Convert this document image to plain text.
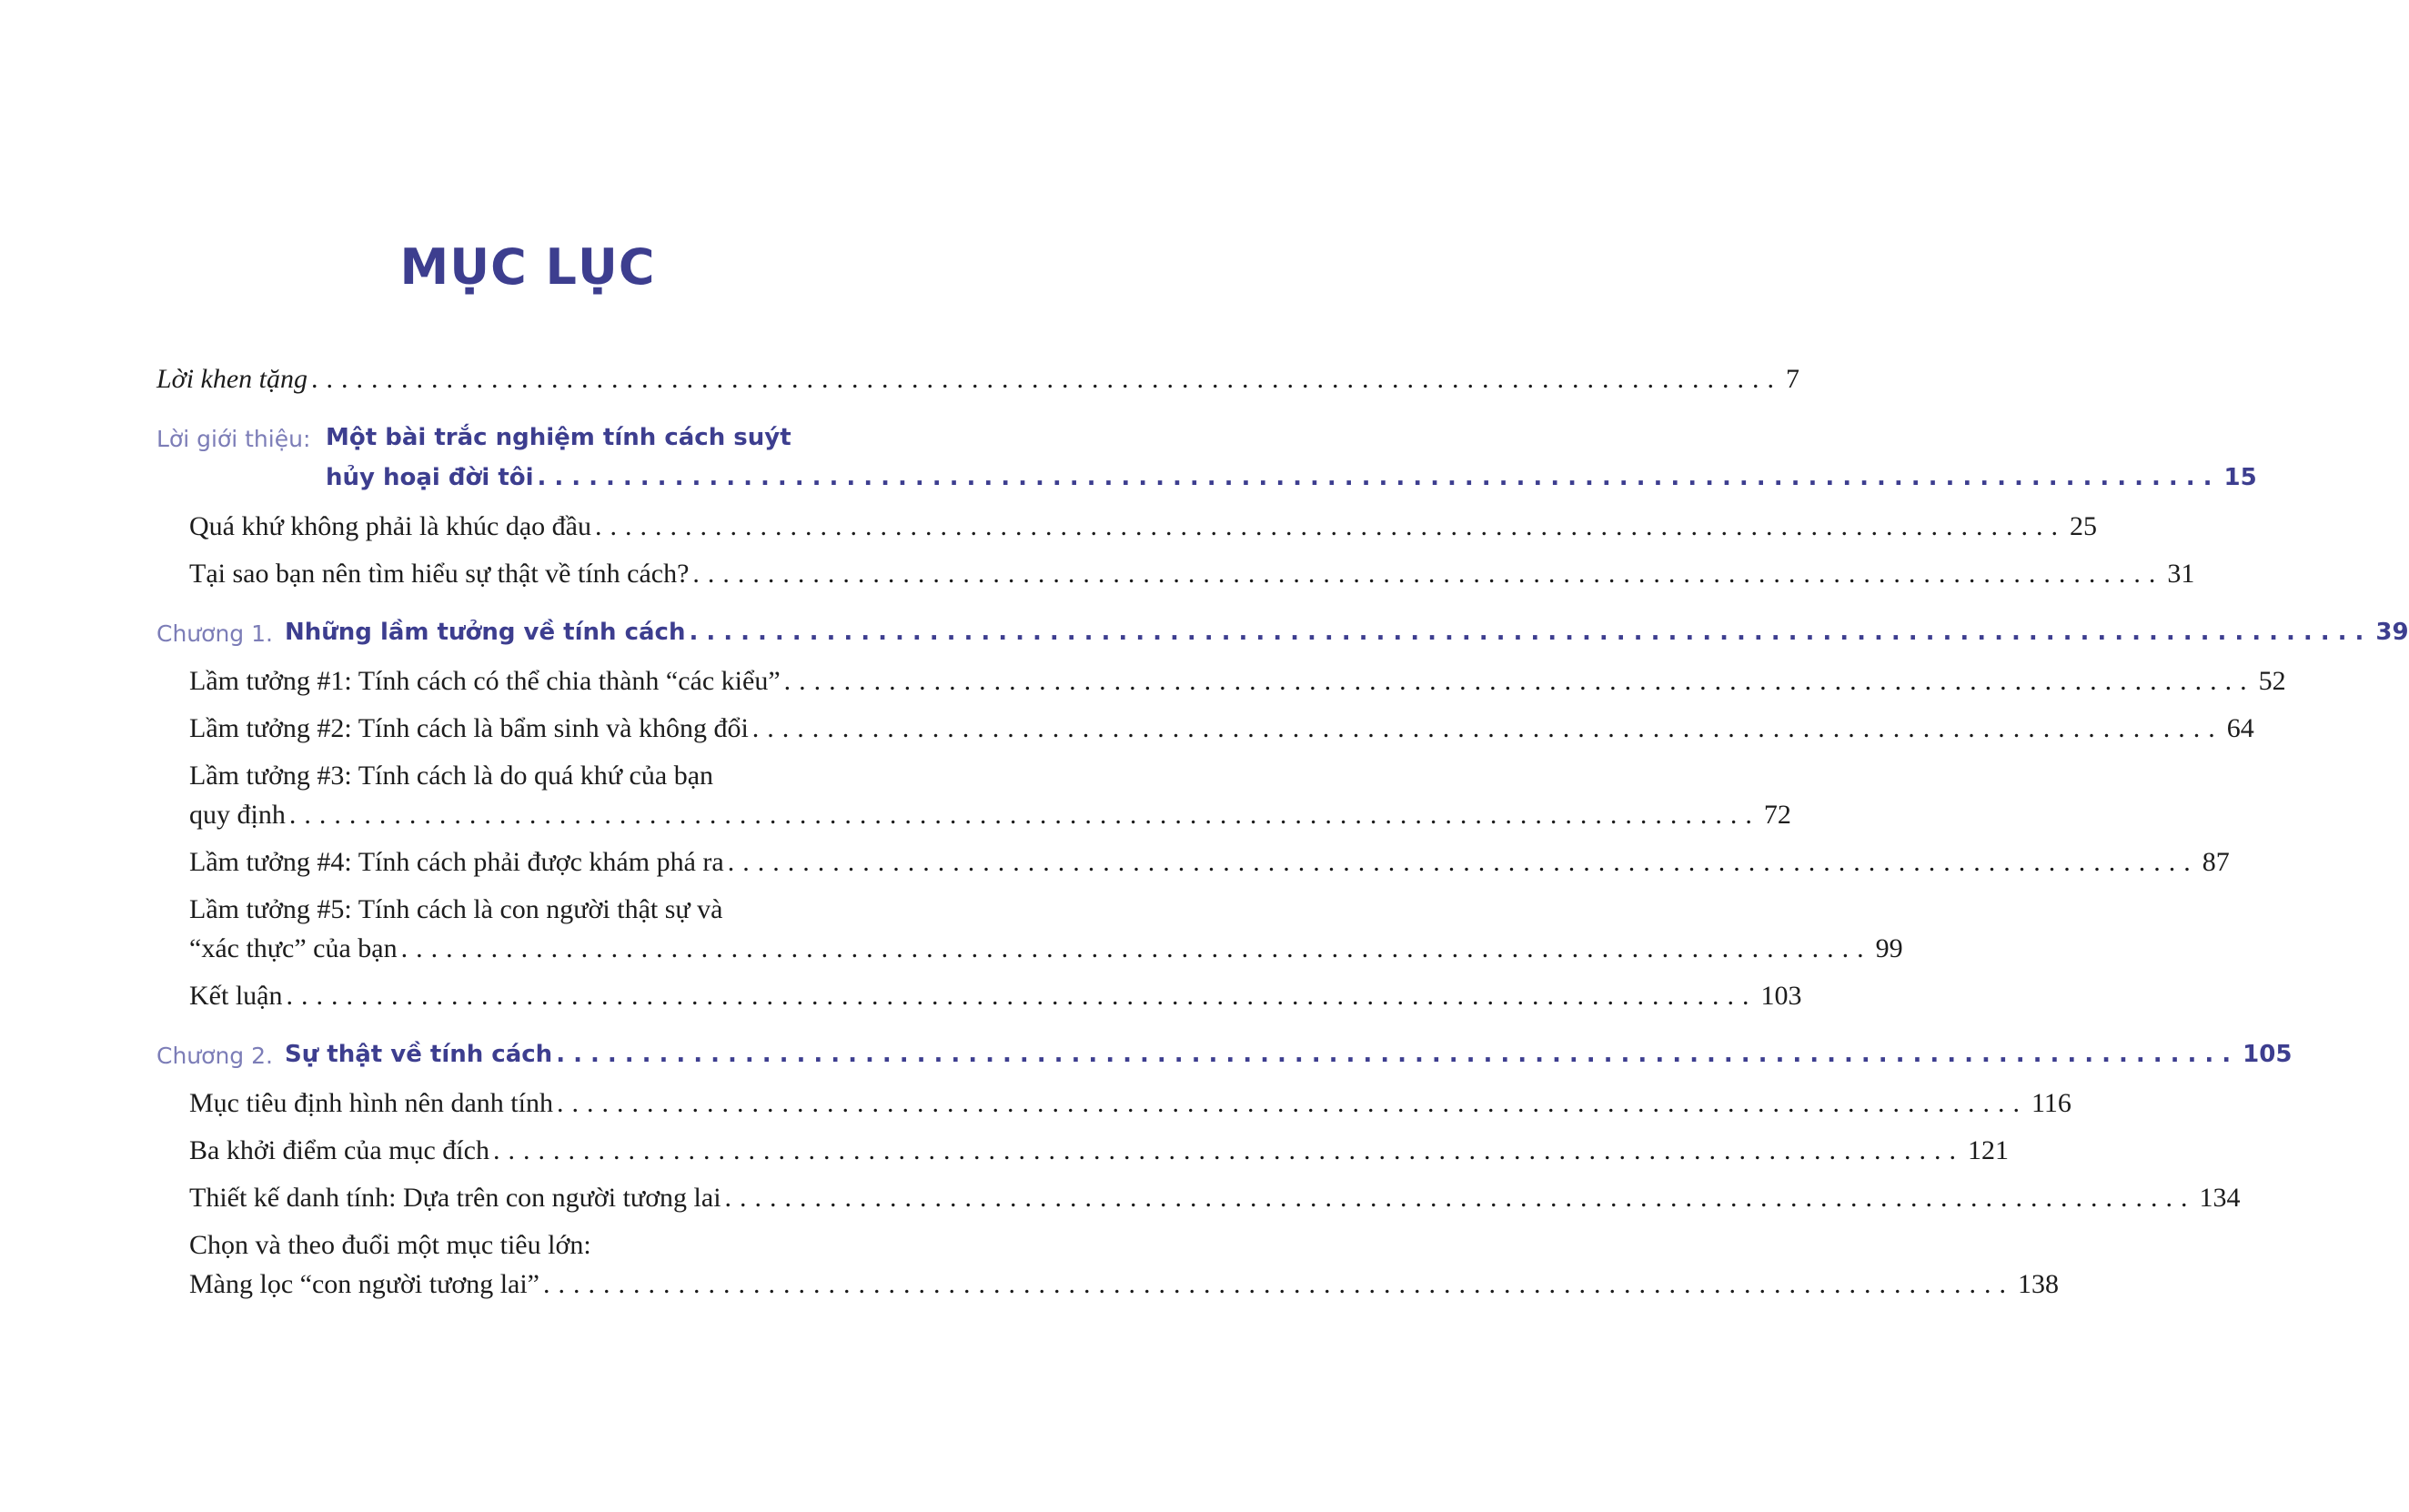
MỤC LỤC
Lời khen tặng .................................................................................................. 7
Lời giới thiệu: Một bài trắc nghiệm tính cách suýt
hủy hoại đời tôi .................................................................................................. 15
Quá khứ không phải là khúc dạo đầu .................................................................................................. 25
Tại sao bạn nên tìm hiểu sự thật về tính cách? .................................................................................................. 31
Chương 1. Những lầm tưởng về tính cách .................................................................................................. 39
Lầm tưởng #1: Tính cách có thể chia thành “các kiểu” .................................................................................................. 52
Lầm tưởng #2: Tính cách là bẩm sinh và không đổi .................................................................................................. 64
Lầm tưởng #3: Tính cách là do quá khứ của bạn
quy định .................................................................................................. 72
Lầm tưởng #4: Tính cách phải được khám phá ra .................................................................................................. 87
Lầm tưởng #5: Tính cách là con người thật sự và
“xác thực” của bạn .................................................................................................. 99
Kết luận .................................................................................................. 103
Chương 2. Sự thật về tính cách .................................................................................................. 105
Mục tiêu định hình nên danh tính .................................................................................................. 116
Ba khởi điểm của mục đích .................................................................................................. 121
Thiết kế danh tính: Dựa trên con người tương lai .................................................................................................. 134
Chọn và theo đuổi một mục tiêu lớn:
Màng lọc “con người tương lai” .................................................................................................. 138
